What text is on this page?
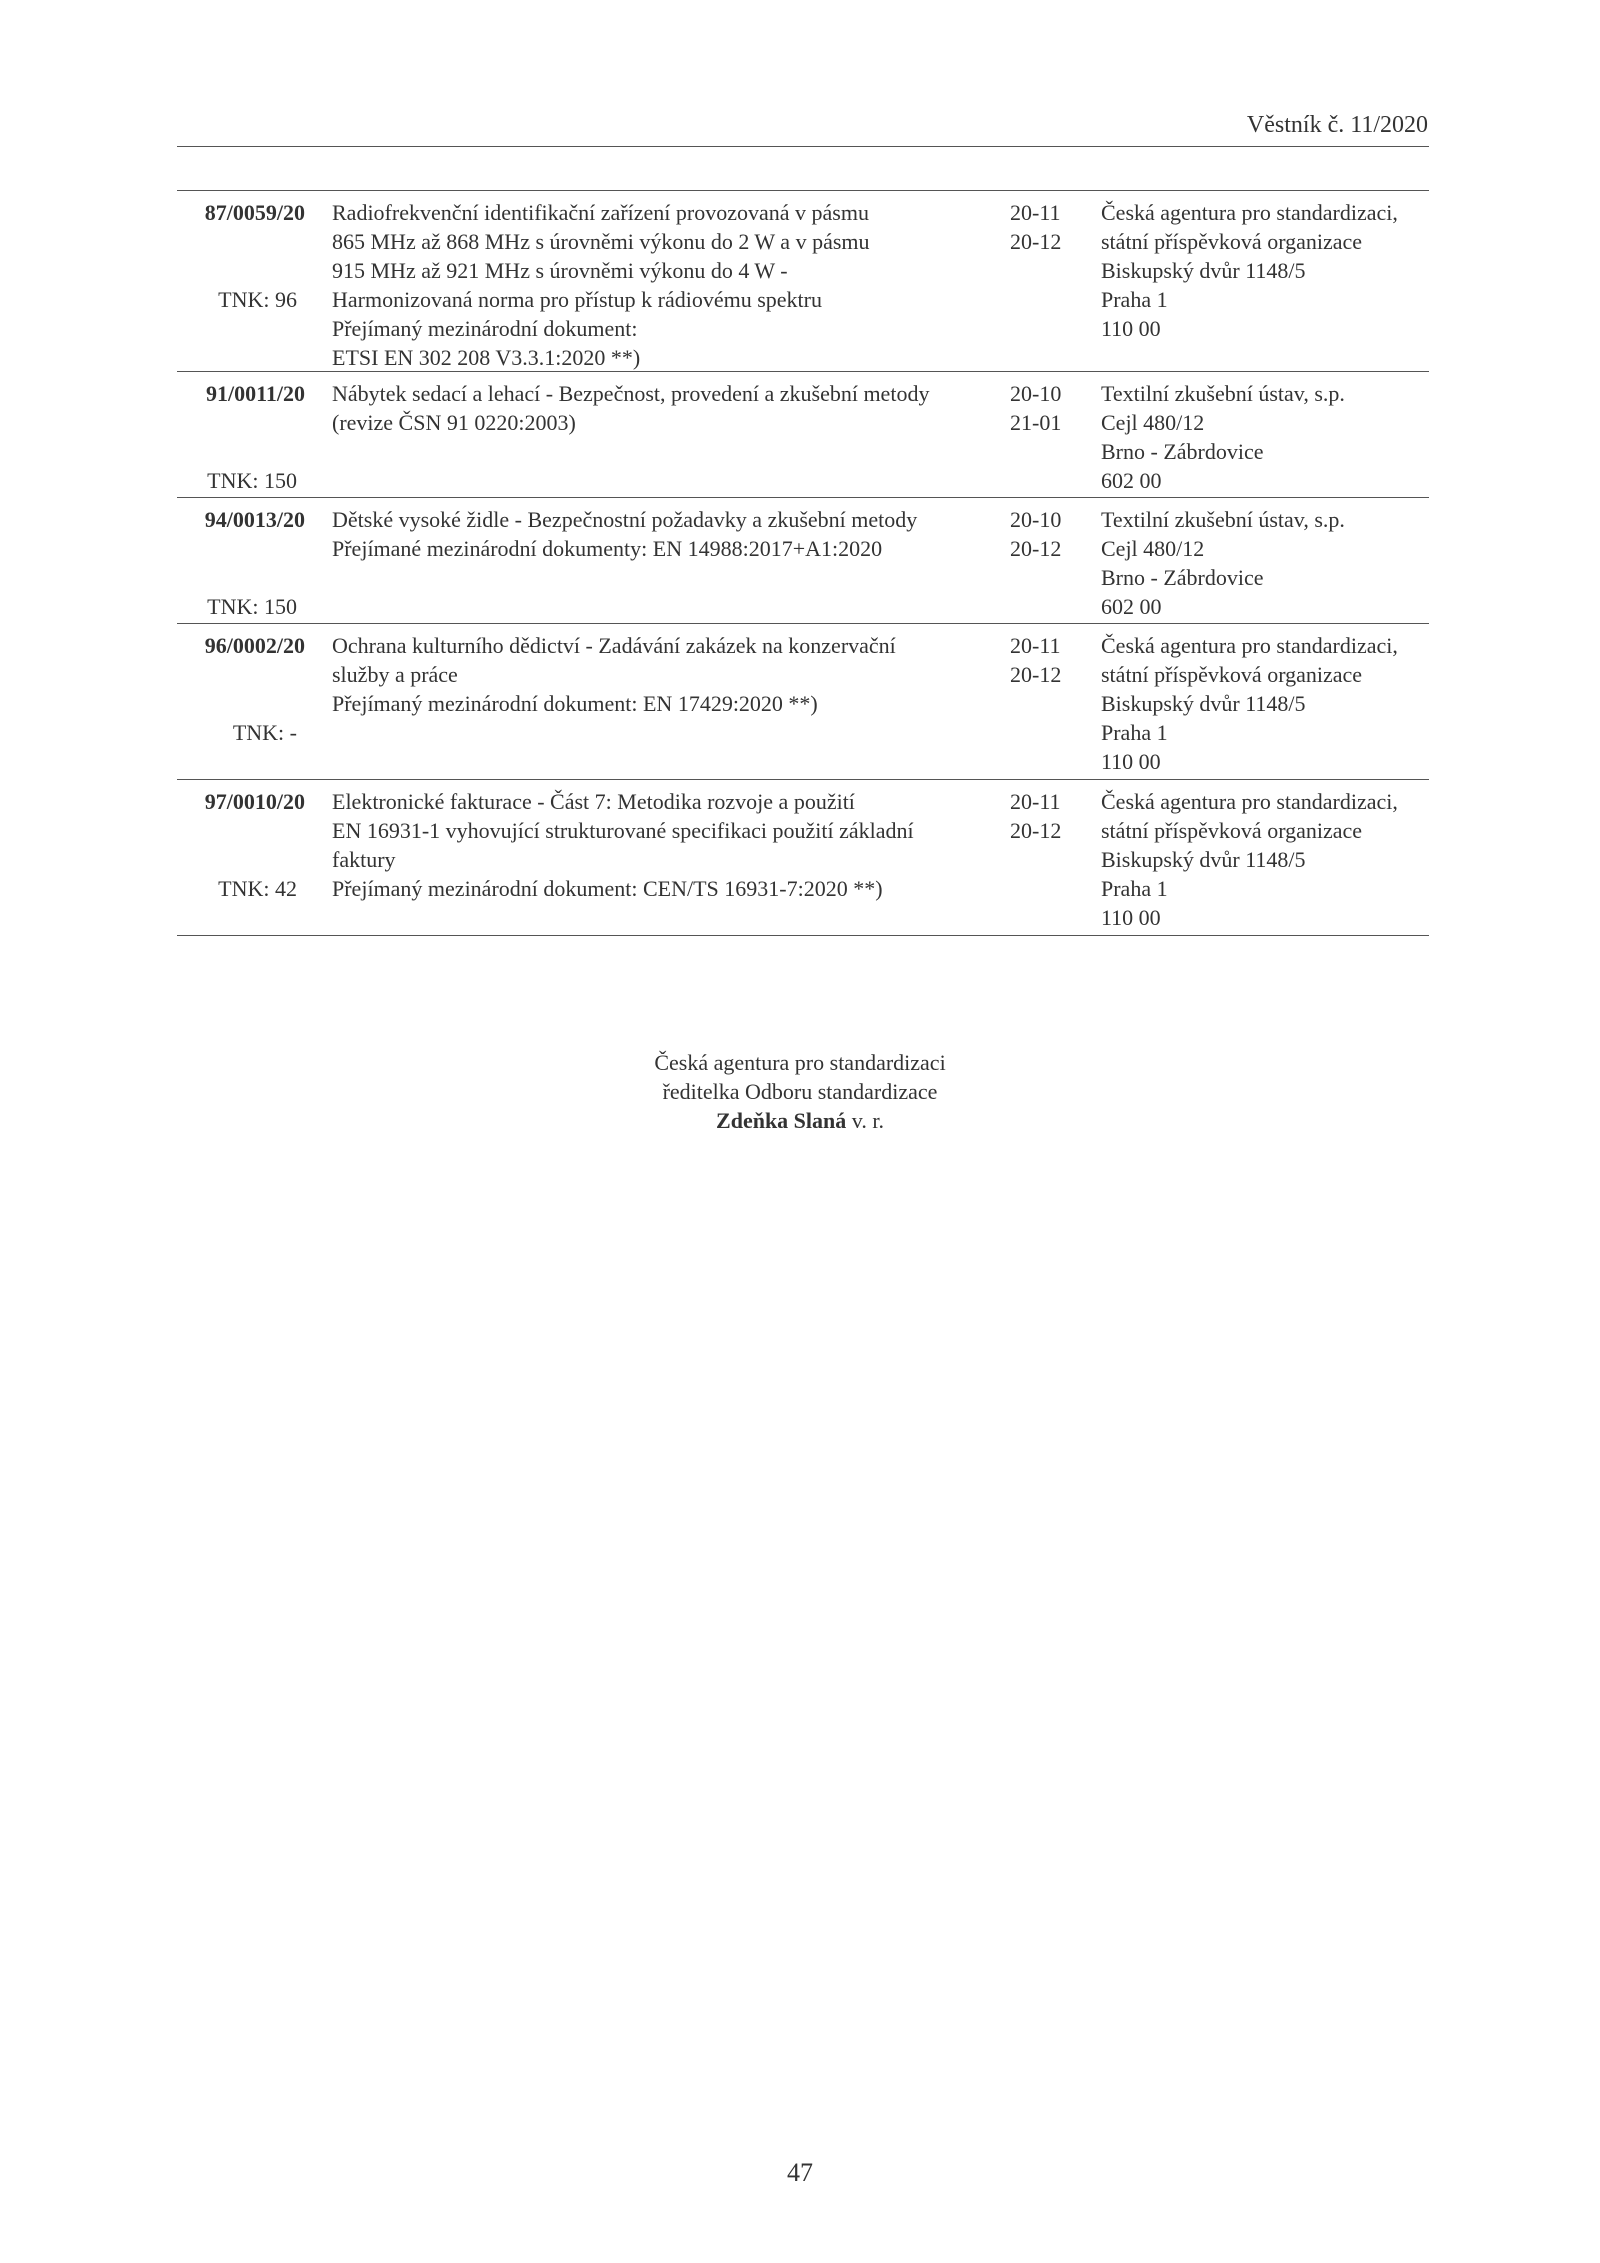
Věstník č. 11/2020
87/0059/20
TNK: 96
Radiofrekvenční identifikační zařízení provozovaná v pásmu
865 MHz až 868 MHz s úrovněmi výkonu do 2 W a v pásmu
915 MHz až 921 MHz s úrovněmi výkonu do 4 W -
Harmonizovaná norma pro přístup k rádiovému spektru
Přejímaný mezinárodní dokument:
ETSI EN 302 208 V3.3.1:2020 **)
20-11
20-12
Česká agentura pro standardizaci,
státní příspěvková organizace
Biskupský dvůr 1148/5
Praha 1
110 00
91/0011/20
TNK: 150
Nábytek sedací a lehací - Bezpečnost, provedení a zkušební metody
(revize ČSN 91 0220:2003)
20-10
21-01
Textilní zkušební ústav, s.p.
Cejl 480/12
Brno - Zábrdovice
602 00
94/0013/20
TNK: 150
Dětské vysoké židle - Bezpečnostní požadavky a zkušební metody
Přejímané mezinárodní dokumenty: EN 14988:2017+A1:2020
20-10
20-12
Textilní zkušební ústav, s.p.
Cejl 480/12
Brno - Zábrdovice
602 00
96/0002/20
TNK: -
Ochrana kulturního dědictví - Zadávání zakázek na konzervační
služby a práce
Přejímaný mezinárodní dokument: EN 17429:2020 **)
20-11
20-12
Česká agentura pro standardizaci,
státní příspěvková organizace
Biskupský dvůr 1148/5
Praha 1
110 00
97/0010/20
TNK: 42
Elektronické fakturace - Část 7: Metodika rozvoje a použití
EN 16931-1 vyhovující strukturované specifikaci použití základní
faktury
Přejímaný mezinárodní dokument: CEN/TS 16931-7:2020 **)
20-11
20-12
Česká agentura pro standardizaci,
státní příspěvková organizace
Biskupský dvůr 1148/5
Praha 1
110 00
Česká agentura pro standardizaci
ředitelka Odboru standardizace
Zdeňka Slaná v. r.
47
